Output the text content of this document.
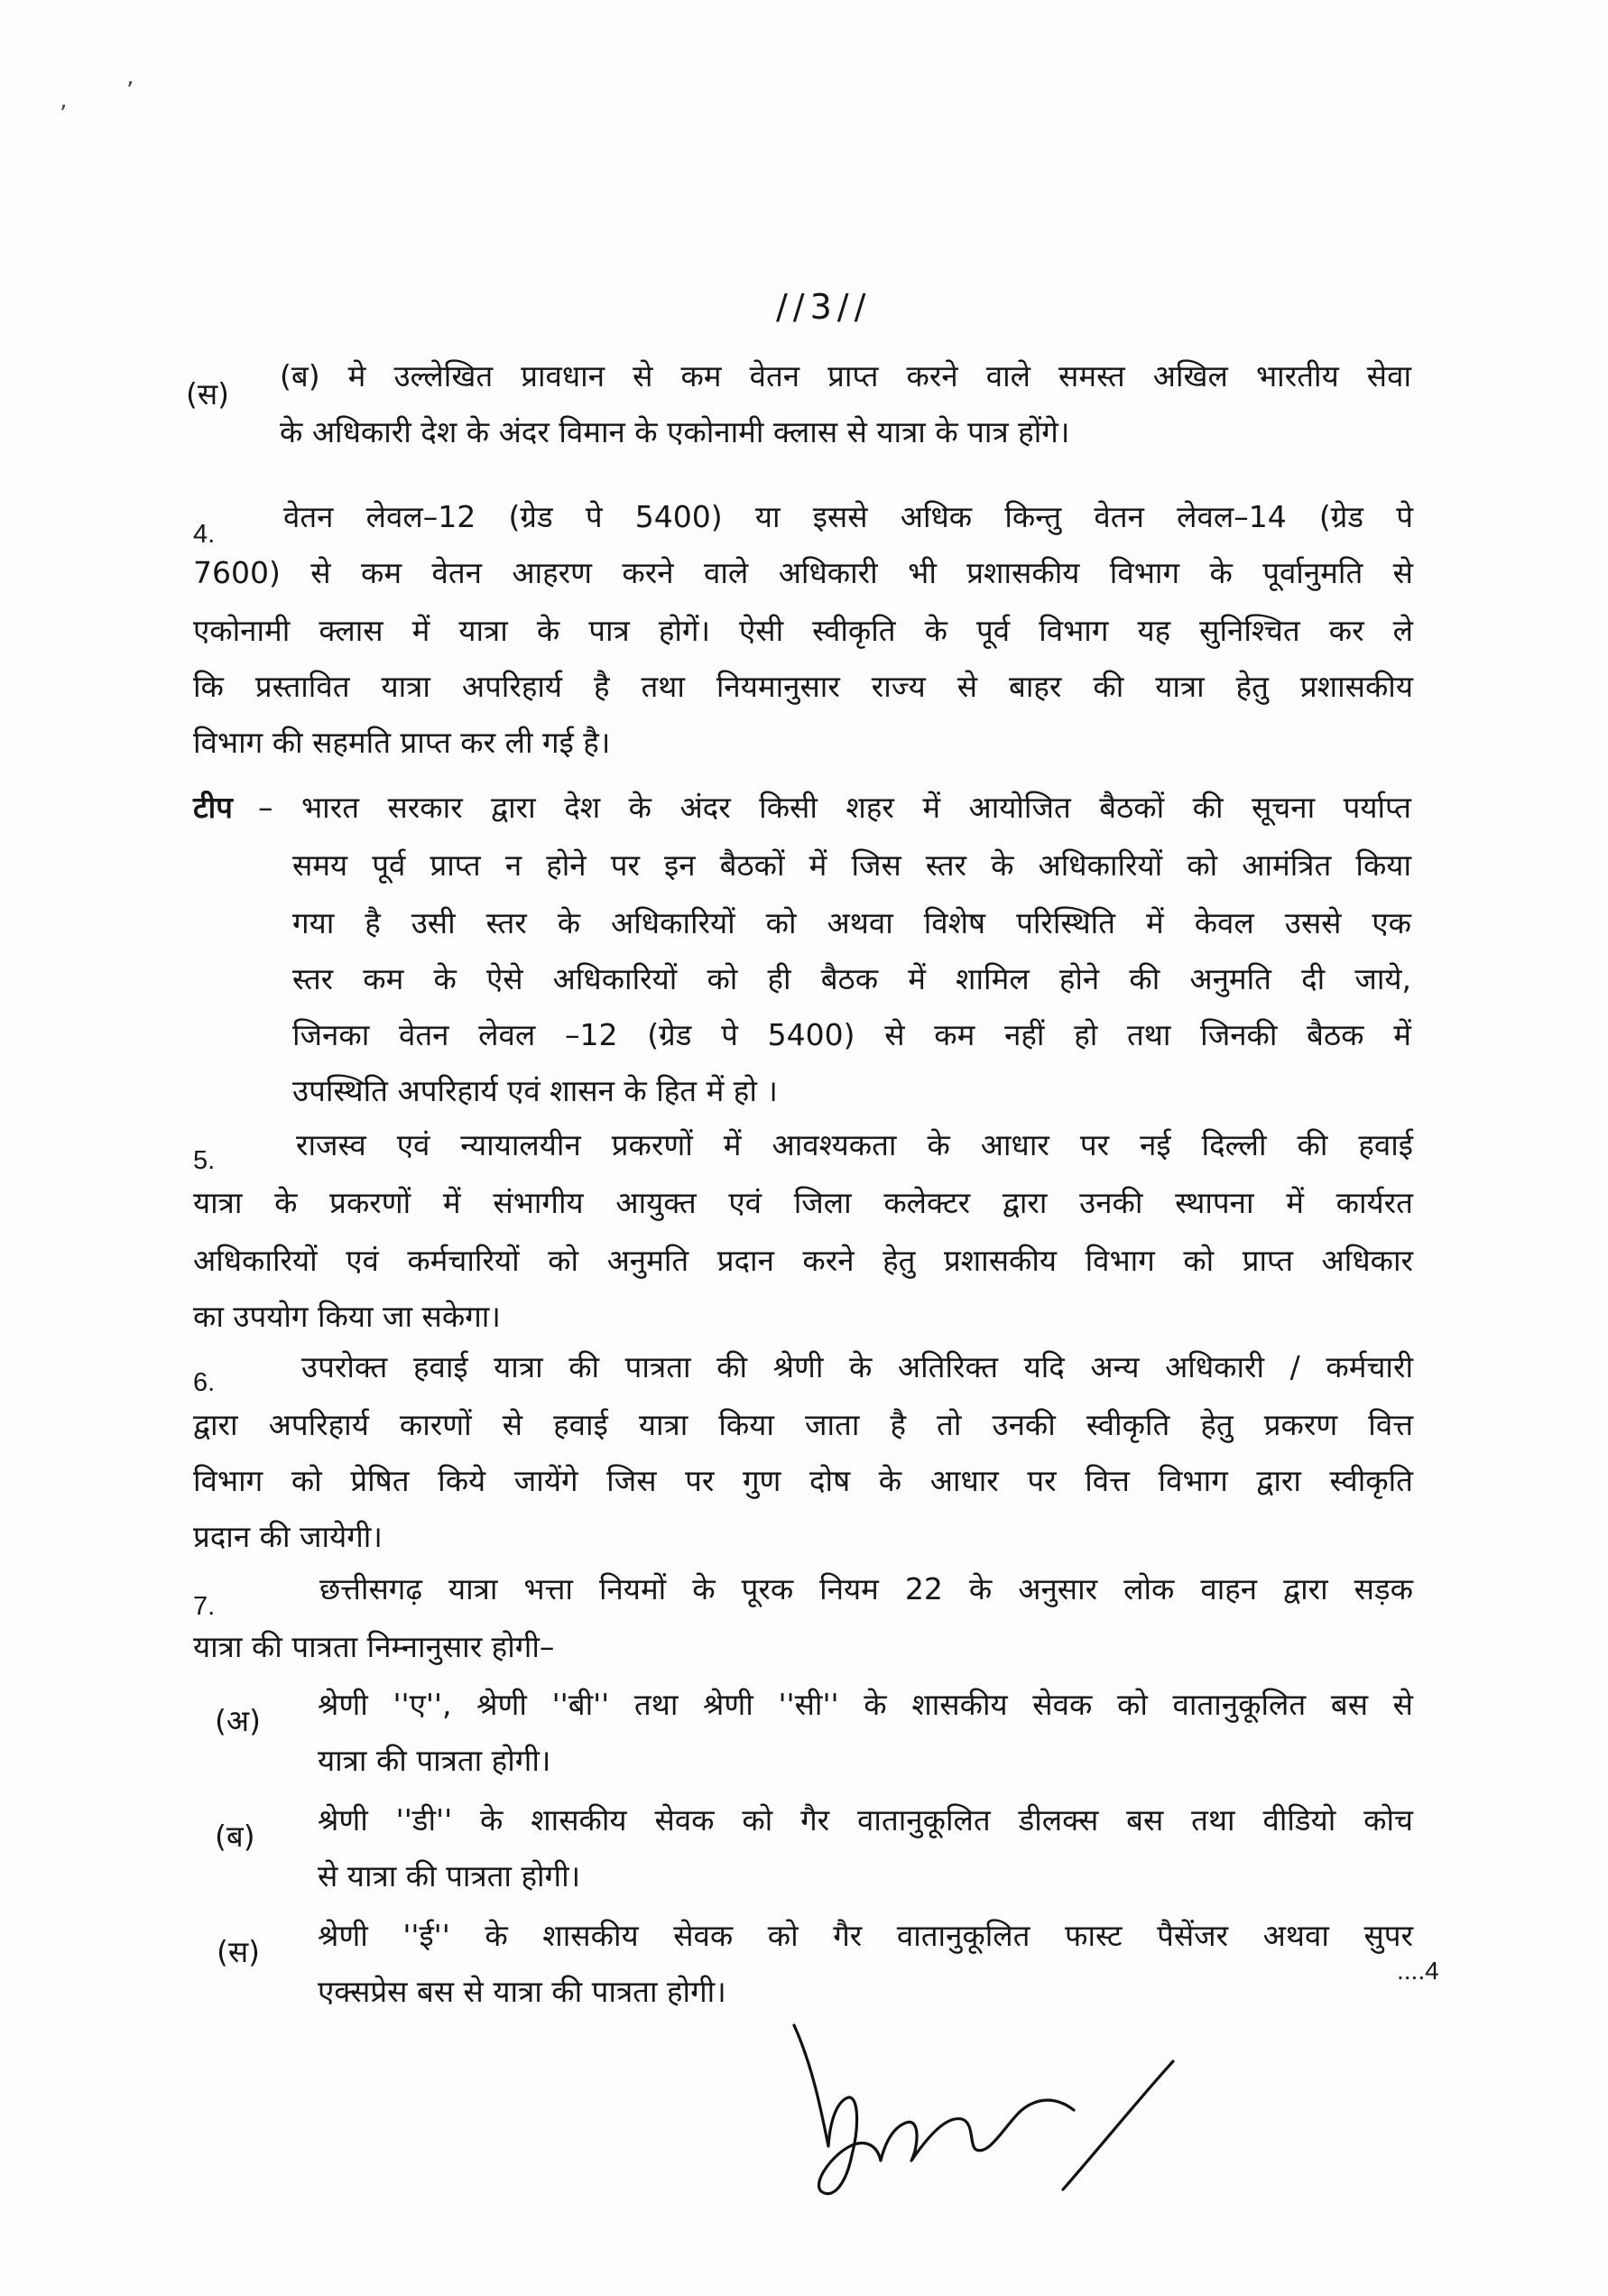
ʼ
ʼ
//3//
(स)
(ब) मे उल्लेखित प्रावधान से कम वेतन प्राप्त करने वाले समस्त अखिल भारतीय सेवा
के अधिकारी देश के अंदर विमान के एकोनामी क्लास से यात्रा के पात्र होंगे।
4. वेतन लेवल–12 (ग्रेड पे 5400) या इससे अधिक किन्तु वेतन लेवल–14 (ग्रेड पे
7600) से कम वेतन आहरण करने वाले अधिकारी भी प्रशासकीय विभाग के पूर्वानुमति से
एकोनामी क्लास में यात्रा के पात्र होगें। ऐसी स्वीकृति के पूर्व विभाग यह सुनिश्चित कर ले
कि प्रस्तावित यात्रा अपरिहार्य है तथा नियमानुसार राज्य से बाहर की यात्रा हेतु प्रशासकीय
विभाग की सहमति प्राप्त कर ली गई है।
टीप – भारत सरकार द्वारा देश के अंदर किसी शहर में आयोजित बैठकों की सूचना पर्याप्त
समय पूर्व प्राप्त न होने पर इन बैठकों में जिस स्तर के अधिकारियों को आमंत्रित किया
गया है उसी स्तर के अधिकारियों को अथवा विशेष परिस्थिति में केवल उससे एक
स्तर कम के ऐसे अधिकारियों को ही बैठक में शामिल होने की अनुमति दी जाये,
जिनका वेतन लेवल –12 (ग्रेड पे 5400) से कम नहीं हो तथा जिनकी बैठक में
उपस्थिति अपरिहार्य एवं शासन के हित में हो ।
5.	राजस्व एवं न्यायालयीन प्रकरणों में आवश्यकता के आधार पर नई दिल्ली की हवाई
यात्रा के प्रकरणों में संभागीय आयुक्त एवं जिला कलेक्टर द्वारा उनकी स्थापना में कार्यरत
अधिकारियों एवं कर्मचारियों को अनुमति प्रदान करने हेतु प्रशासकीय विभाग को प्राप्त अधिकार
का उपयोग किया जा सकेगा।
6.	उपरोक्त हवाई यात्रा की पात्रता की श्रेणी के अतिरिक्त यदि अन्य अधिकारी / कर्मचारी
द्वारा अपरिहार्य कारणों से हवाई यात्रा किया जाता है तो उनकी स्वीकृति हेतु प्रकरण वित्त
विभाग को प्रेषित किये जायेंगे जिस पर गुण दोष के आधार पर वित्त विभाग द्वारा स्वीकृति
प्रदान की जायेगी।
7.	छत्तीसगढ़ यात्रा भत्ता नियमों के पूरक नियम 22 के अनुसार लोक वाहन द्वारा सड़क
यात्रा की पात्रता निम्नानुसार होगी–
(अ) श्रेणी ''ए'', श्रेणी ''बी'' तथा श्रेणी ''सी'' के शासकीय सेवक को वातानुकूलित बस से
यात्रा की पात्रता होगी।
(ब) श्रेणी ''डी'' के शासकीय सेवक को गैर वातानुकूलित डीलक्स बस तथा वीडियो कोच
से यात्रा की पात्रता होगी।
(स) श्रेणी ''ई'' के शासकीय सेवक को गैर वातानुकूलित फास्ट पैसेंजर अथवा सुपर
एक्सप्रेस बस से यात्रा की पात्रता होगी।
....4
